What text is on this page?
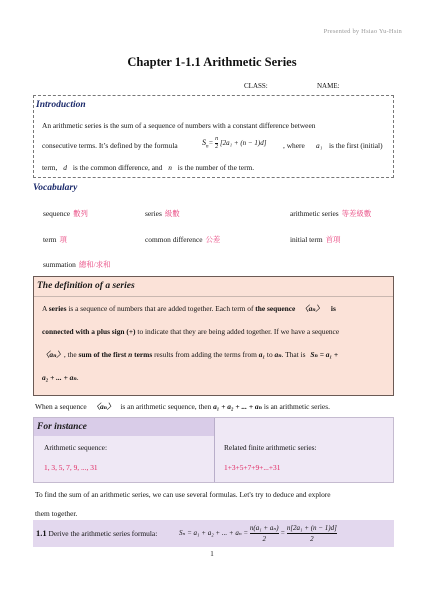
Presented by Hsiao Yu-Hsin
Chapter 1-1.1 Arithmetic Series
CLASS:	NAME:
Introduction
An arithmetic series is the sum of a sequence of numbers with a constant difference between
consecutive terms. It’s defined by the formula	$S_n= \frac{n}{2} [2a_1 + (n - 1)d]$	, where a₁ is the first (initial)
term, d is the common difference, and n is the number of the term.
Vocabulary
sequence 數列	series 級數	arithmetic series 等差級數
term 項	common difference 公差	initial term 首項
summation 總和/求和
The definition of a series
A series is a sequence of numbers that are added together. Each term of the sequence 〈aₙ〉 is
connected with a plus sign (+) to indicate that they are being added together. If we have a sequence
〈aₙ〉, the sum of the first n terms results from adding the terms from a₁ to aₙ. That is Sₙ = a₁ +
a₂ + ... + aₙ.
When a sequence 〈aₙ〉 is an arithmetic sequence, then a₁ + a₂ + ... + aₙ is an arithmetic series.
For instance
Arithmetic sequence:
1, 3, 5, 7, 9, ..., 31
Related finite arithmetic series:
1+3+5+7+9+...+31
To find the sum of an arithmetic series, we can use several formulas. Let's try to deduce and explore
them together.
1.1 Derive the arithmetic series formula:	Sₙ = a₁ + a₂ + ... + $a_n = \frac{\text{n(a₁ + aₙ)}}{2} = \frac{\text{n[2a₁ + (n − 1)d]}}{2}$
1
